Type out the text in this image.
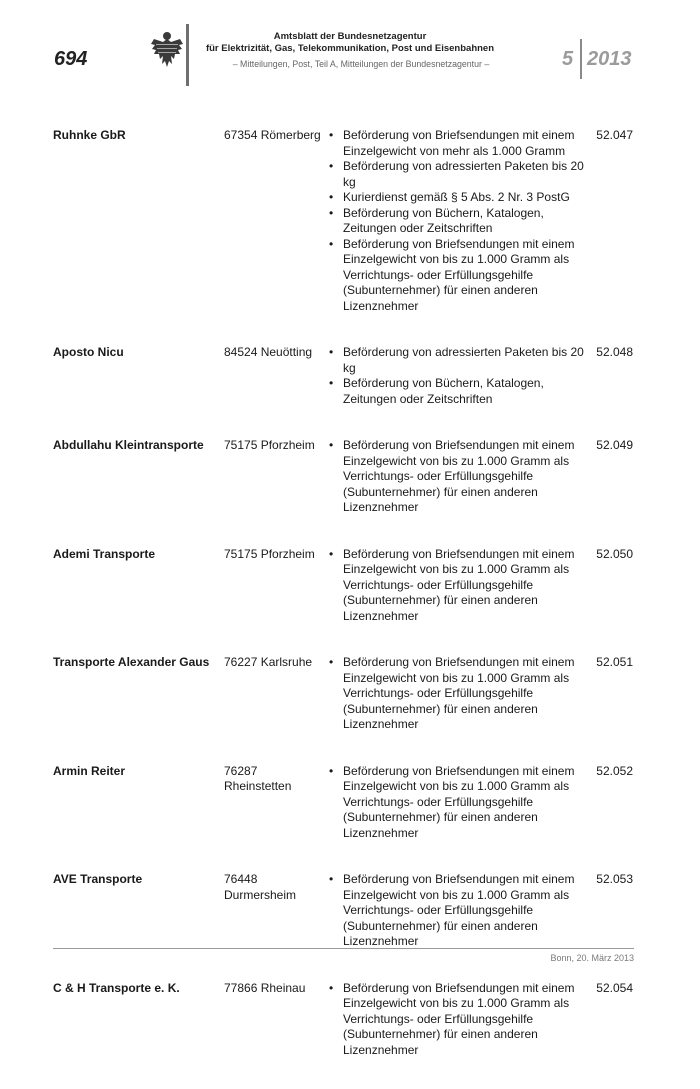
694
Amtsblatt der Bundesnetzagentur
für Elektrizität, Gas, Telekommunikation, Post und Eisenbahnen
– Mitteilungen, Post, Teil A, Mitteilungen der Bundesnetzagentur –	5 2013
Ruhnke GbR	67354 Römerberg	• Beförderung von Briefsendungen mit einem Einzelgewicht von mehr als 1.000 Gramm
• Beförderung von adressierten Paketen bis 20 kg
• Kurierdienst gemäß § 5 Abs. 2 Nr. 3 PostG
• Beförderung von Büchern, Katalogen, Zeitungen oder Zeitschriften
• Beförderung von Briefsendungen mit einem Einzelgewicht von bis zu 1.000 Gramm als Verrichtungs- oder Erfüllungsgehilfe (Subunternehmer) für einen anderen Lizenznehmer
52.047
Aposto Nicu	84524 Neuötting	• Beförderung von adressierten Paketen bis 20 kg
• Beförderung von Büchern, Katalogen, Zeitungen oder Zeitschriften
52.048
Abdullahu Kleintransporte	75175 Pforzheim	• Beförderung von Briefsendungen mit einem Einzelgewicht von bis zu 1.000 Gramm als Verrichtungs- oder Erfüllungsgehilfe (Subunternehmer) für einen anderen Lizenznehmer
52.049
Ademi Transporte	75175 Pforzheim	• Beförderung von Briefsendungen mit einem Einzelgewicht von bis zu 1.000 Gramm als Verrichtungs- oder Erfüllungsgehilfe (Subunternehmer) für einen anderen Lizenznehmer
52.050
Transporte Alexander Gaus	76227 Karlsruhe	• Beförderung von Briefsendungen mit einem Einzelgewicht von bis zu 1.000 Gramm als Verrichtungs- oder Erfüllungsgehilfe (Subunternehmer) für einen anderen Lizenznehmer
52.051
Armin Reiter	76287 Rheinstetten
• Beförderung von Briefsendungen mit einem Einzelgewicht von bis zu 1.000 Gramm als Verrichtungs- oder Erfüllungsgehilfe (Subunternehmer) für einen anderen Lizenznehmer
52.052
AVE Transporte	76448 Durmersheim
• Beförderung von Briefsendungen mit einem Einzelgewicht von bis zu 1.000 Gramm als Verrichtungs- oder Erfüllungsgehilfe (Subunternehmer) für einen anderen Lizenznehmer
52.053
C & H Transporte e. K.	77866 Rheinau	• Beförderung von Briefsendungen mit einem Einzelgewicht von bis zu 1.000 Gramm als Verrichtungs- oder Erfüllungsgehilfe (Subunternehmer) für einen anderen Lizenznehmer
52.054
Bonn, 20. März 2013
